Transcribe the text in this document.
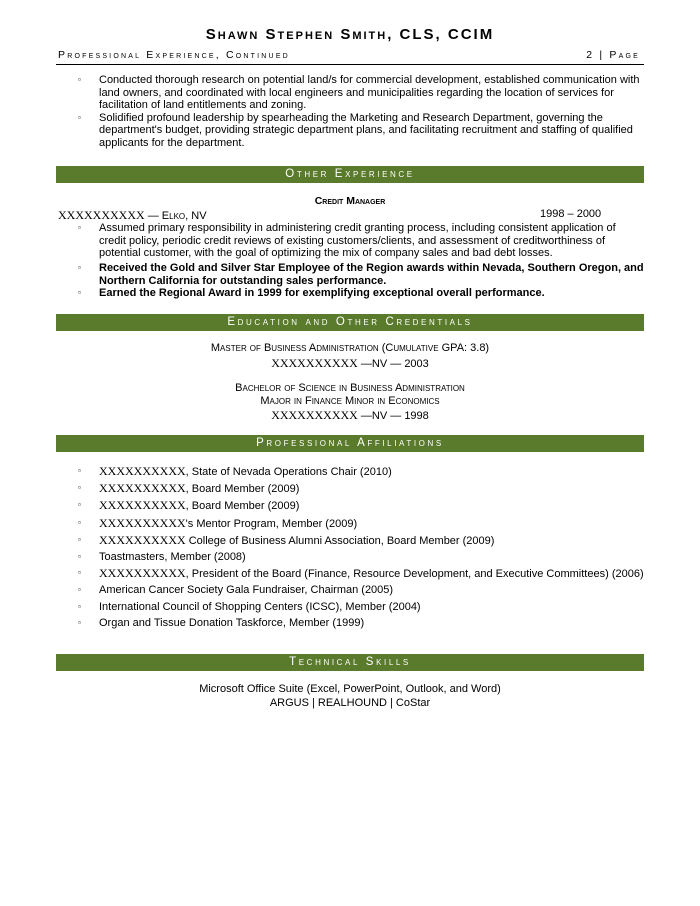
Shawn Stephen Smith, CLS, CCIM
Professional Experience, Continued	2 | Page
▫ Conducted thorough research on potential land/s for commercial development, established communication with land owners, and coordinated with local engineers and municipalities regarding the location of services for facilitation of land entitlements and zoning.
▫ Solidified profound leadership by spearheading the Marketing and Research Department, governing the department's budget, providing strategic department plans, and facilitating recruitment and staffing of qualified applicants for the department.
Other Experience
Credit Manager
XXXXXXXXXX — Elko, NV	1998 – 2000
▫ Assumed primary responsibility in administering credit granting process, including consistent application of credit policy, periodic credit reviews of existing customers/clients, and assessment of creditworthiness of potential customer, with the goal of optimizing the mix of company sales and bad debt losses.
▫ Received the Gold and Silver Star Employee of the Region awards within Nevada, Southern Oregon, and Northern California for outstanding sales performance.
▫ Earned the Regional Award in 1999 for exemplifying exceptional overall performance.
Education and Other Credentials
Master of Business Administration (Cumulative GPA: 3.8)
XXXXXXXXXX —NV — 2003
Bachelor of Science in Business Administration
Major in Finance Minor in Economics
XXXXXXXXXX —NV — 1998
Professional Affiliations
▫ XXXXXXXXXX, State of Nevada Operations Chair (2010)
▫ XXXXXXXXXX, Board Member (2009)
▫ XXXXXXXXXX, Board Member (2009)
▫ XXXXXXXXXX's Mentor Program, Member (2009)
▫ XXXXXXXXXX College of Business Alumni Association, Board Member (2009)
▫ Toastmasters, Member (2008)
▫ XXXXXXXXXX, President of the Board (Finance, Resource Development, and Executive Committees) (2006)
▫ American Cancer Society Gala Fundraiser, Chairman (2005)
▫ International Council of Shopping Centers (ICSC), Member (2004)
▫ Organ and Tissue Donation Taskforce, Member (1999)
Technical Skills
Microsoft Office Suite (Excel, PowerPoint, Outlook, and Word)
ARGUS | REALHOUND | CoStar
